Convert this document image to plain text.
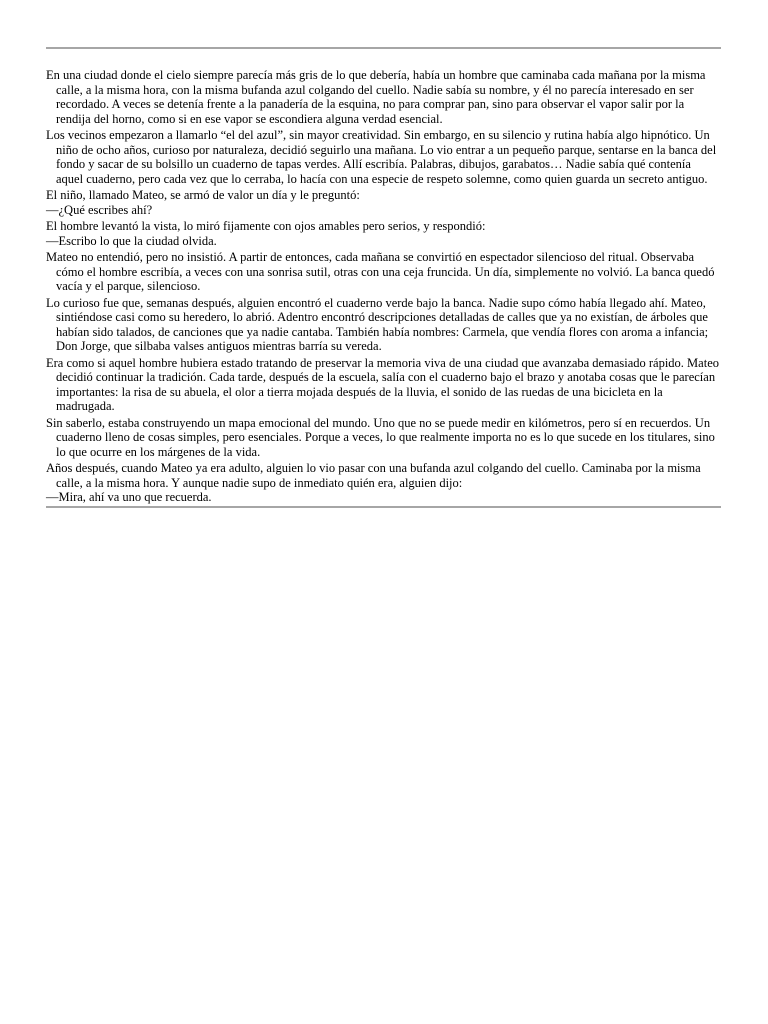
En una ciudad donde el cielo siempre parecía más gris de lo que debería, había un hombre que caminaba cada mañana por la misma calle, a la misma hora, con la misma bufanda azul colgando del cuello. Nadie sabía su nombre, y él no parecía interesado en ser recordado. A veces se detenía frente a la panadería de la esquina, no para comprar pan, sino para observar el vapor salir por la rendija del horno, como si en ese vapor se escondiera alguna verdad esencial.

Los vecinos empezaron a llamarlo “el del azul”, sin mayor creatividad. Sin embargo, en su silencio y rutina había algo hipnótico. Un niño de ocho años, curioso por naturaleza, decidió seguirlo una mañana. Lo vio entrar a un pequeño parque, sentarse en la banca del fondo y sacar de su bolsillo un cuaderno de tapas verdes. Allí escribía. Palabras, dibujos, garabatos… Nadie sabía qué contenía aquel cuaderno, pero cada vez que lo cerraba, lo hacía con una especie de respeto solemne, como quien guarda un secreto antiguo.

El niño, llamado Mateo, se armó de valor un día y le preguntó:
—¿Qué escribes ahí?

El hombre levantó la vista, lo miró fijamente con ojos amables pero serios, y respondió:
—Escribo lo que la ciudad olvida.

Mateo no entendió, pero no insistió. A partir de entonces, cada mañana se convirtió en espectador silencioso del ritual. Observaba cómo el hombre escribía, a veces con una sonrisa sutil, otras con una ceja fruncida. Un día, simplemente no volvió. La banca quedó vacía y el parque, silencioso.

Lo curioso fue que, semanas después, alguien encontró el cuaderno verde bajo la banca. Nadie supo cómo había llegado ahí. Mateo, sintiéndose casi como su heredero, lo abrió. Adentro encontró descripciones detalladas de calles que ya no existían, de árboles que habían sido talados, de canciones que ya nadie cantaba. También había nombres: Carmela, que vendía flores con aroma a infancia; Don Jorge, que silbaba valses antiguos mientras barría su vereda.

Era como si aquel hombre hubiera estado tratando de preservar la memoria viva de una ciudad que avanzaba demasiado rápido. Mateo decidió continuar la tradición. Cada tarde, después de la escuela, salía con el cuaderno bajo el brazo y anotaba cosas que le parecían importantes: la risa de su abuela, el olor a tierra mojada después de la lluvia, el sonido de las ruedas de una bicicleta en la madrugada.

Sin saberlo, estaba construyendo un mapa emocional del mundo. Uno que no se puede medir en kilómetros, pero sí en recuerdos. Un cuaderno lleno de cosas simples, pero esenciales. Porque a veces, lo que realmente importa no es lo que sucede en los titulares, sino lo que ocurre en los márgenes de la vida.

Años después, cuando Mateo ya era adulto, alguien lo vio pasar con una bufanda azul colgando del cuello. Caminaba por la misma calle, a la misma hora. Y aunque nadie supo de inmediato quién era, alguien dijo:
—Mira, ahí va uno que recuerda.
